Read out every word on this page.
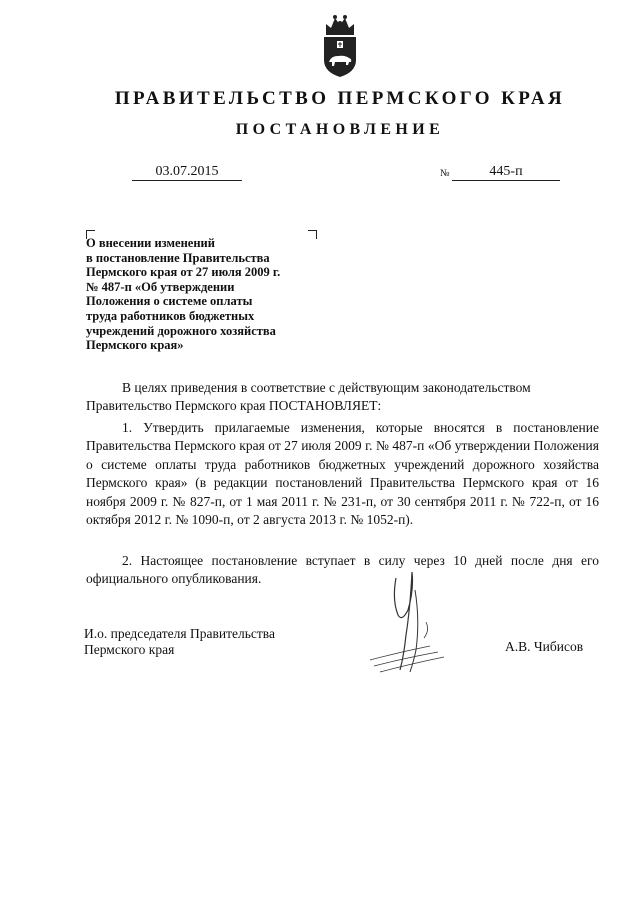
ПРАВИТЕЛЬСТВО ПЕРМСКОГО КРАЯ
ПОСТАНОВЛЕНИЕ
03.07.2015	№	445-п
О внесении изменений
в постановление Правительства
Пермского края от 27 июля 2009 г.
№ 487-п «Об утверждении
Положения о системе оплаты
труда работников бюджетных
учреждений дорожного хозяйства
Пермского края»
В целях приведения в соответствие с действующим законодательством
Правительство Пермского края ПОСТАНОВЛЯЕТ:
1. Утвердить прилагаемые изменения, которые вносятся в постановление Правительства Пермского края от 27 июля 2009 г. № 487-п «Об утверждении Положения о системе оплаты труда работников бюджетных учреждений дорожного хозяйства Пермского края» (в редакции постановлений Правительства Пермского края от 16 ноября 2009 г. № 827-п, от 1 мая 2011 г. № 231-п, от 30 сентября 2011 г. № 722-п, от 16 октября 2012 г. № 1090-п, от 2 августа 2013 г. № 1052-п).
2. Настоящее постановление вступает в силу через 10 дней после дня его официального опубликования.
И.о. председателя Правительства
Пермского края	А.В. Чибисов
